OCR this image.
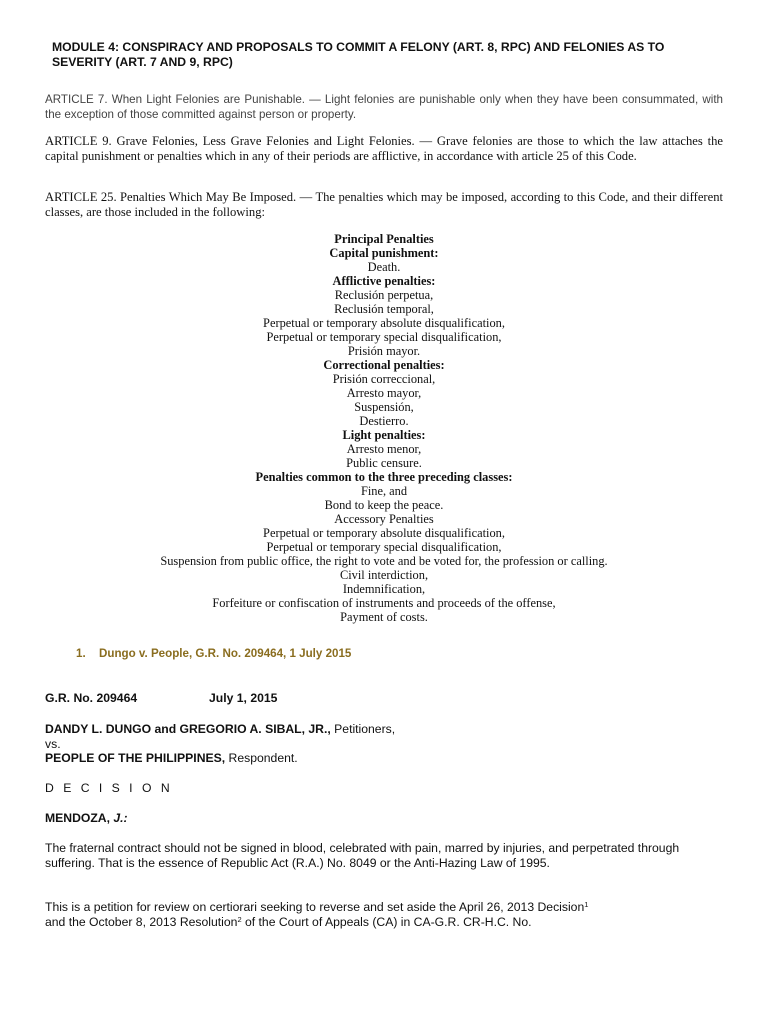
MODULE 4: CONSPIRACY AND PROPOSALS TO COMMIT A FELONY (ART. 8, RPC) AND FELONIES AS TO SEVERITY (ART. 7 AND 9, RPC)

ARTICLE 7. When Light Felonies are Punishable. — Light felonies are punishable only when they have been consummated, with the exception of those committed against person or property.

ARTICLE 9. Grave Felonies, Less Grave Felonies and Light Felonies. — Grave felonies are those to which the law attaches the capital punishment or penalties which in any of their periods are afflictive, in accordance with article 25 of this Code.

ARTICLE 25. Penalties Which May Be Imposed. — The penalties which may be imposed, according to this Code, and their different classes, are those included in the following:

Principal Penalties
Capital punishment:
Death.
Afflictive penalties:
Reclusión perpetua,
Reclusión temporal,
Perpetual or temporary absolute disqualification,
Perpetual or temporary special disqualification,
Prisión mayor.
Correctional penalties:
Prisión correccional,
Arresto mayor,
Suspensión,
Destierro.
Light penalties:
Arresto menor,
Public censure.
Penalties common to the three preceding classes:
Fine, and
Bond to keep the peace.
Accessory Penalties
Perpetual or temporary absolute disqualification,
Perpetual or temporary special disqualification,
Suspension from public office, the right to vote and be voted for, the profession or calling.
Civil interdiction,
Indemnification,
Forfeiture or confiscation of instruments and proceeds of the offense,
Payment of costs.
1. Dungo v. People, G.R. No. 209464, 1 July 2015

G.R. No. 209464	July 1, 2015

DANDY L. DUNGO and GREGORIO A. SIBAL, JR., Petitioners,

vs.

PEOPLE OF THE PHILIPPINES, Respondent.

D E C I S I O N

MENDOZA, J.:

The fraternal contract should not be signed in blood, celebrated with pain, marred by injuries, and perpetrated through suffering. That is the essence of Republic Act (R.A.) No. 8049 or the Anti-Hazing Law of 1995.

This is a petition for review on certiorari seeking to reverse and set aside the April 26, 2013 Decision$^1$
and the October 8, 2013 Resolution$^2$ of the Court of Appeals (CA) in CA-G.R. CR-H.C. No.
